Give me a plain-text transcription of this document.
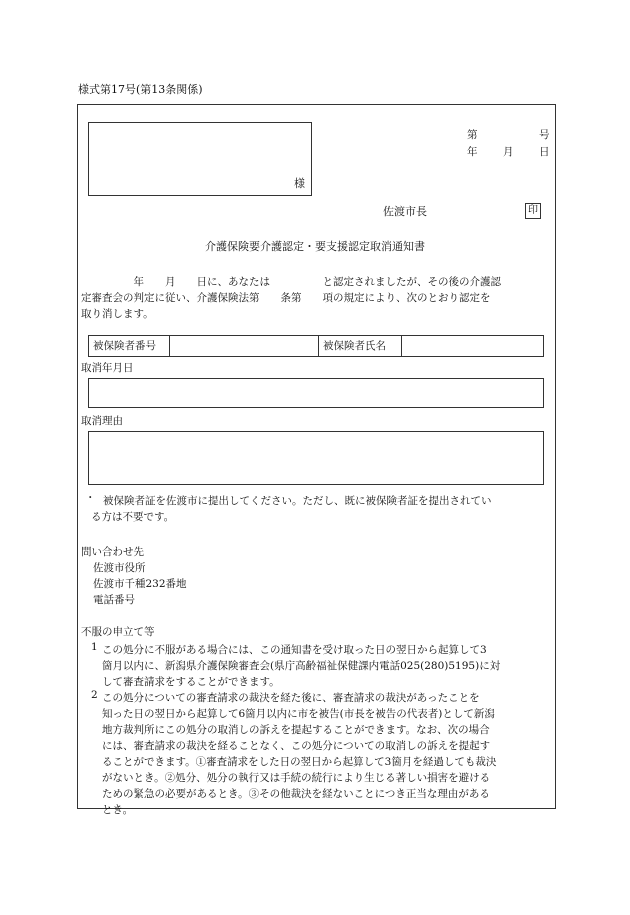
様式第17号(第13条関係)
様
第	号
年 月 日
佐渡市長	印
介護保険要介護認定・要支援認定取消通知書
　　　　　年　　月　　日に、あなたは　　　　　と認定されましたが、その後の介護認
定審査会の判定に従い、介護保険法第　　条第　　項の規定により、次のとおり認定を
取り消します。
被保険者番号	被保険者氏名
取消年月日
取消理由
・ 被保険者証を佐渡市に提出してください。ただし、既に被保険者証を提出されてい
る方は不要です。
問い合わせ先
佐渡市役所
佐渡市千種232番地
電話番号
不服の申立て等
1 この処分に不服がある場合には、この通知書を受け取った日の翌日から起算して3
箇月以内に、新潟県介護保険審査会(県庁高齢福祉保健課内電話025(280)5195)に対
して審査請求をすることができます。
2 この処分についての審査請求の裁決を経た後に、審査請求の裁決があったことを
知った日の翌日から起算して6箇月以内に市を被告(市長を被告の代表者)として新潟
地方裁判所にこの処分の取消しの訴えを提起することができます。なお、次の場合
には、審査請求の裁決を経ることなく、この処分についての取消しの訴えを提起す
ることができます。①審査請求をした日の翌日から起算して3箇月を経過しても裁決
がないとき。②処分、処分の執行又は手続の続行により生じる著しい損害を避ける
ための緊急の必要があるとき。③その他裁決を経ないことにつき正当な理由がある
とき。
